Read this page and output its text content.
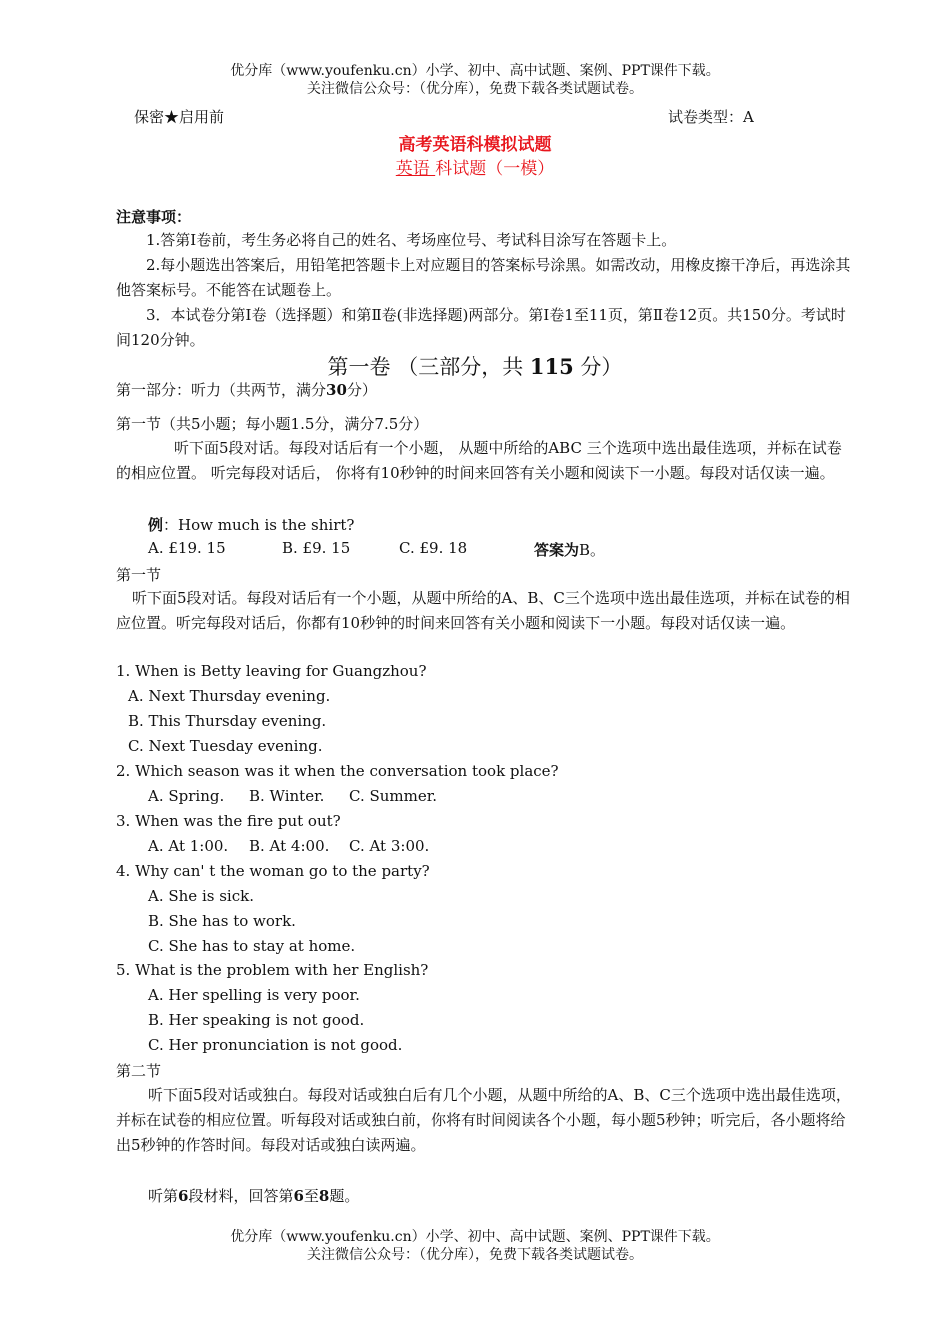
优分库（www.youfenku.cn）小学、初中、高中试题、案例、PPT课件下载。
关注微信公众号：（优分库），免费下载各类试题试卷。
保密★启用前	试卷类型：A
高考英语科模拟试题
英语 科试题（一模）
注意事项：
1.答第Ⅰ卷前，考生务必将自己的姓名、考场座位号、考试科目涂写在答题卡上。
2.每小题选出答案后，用铅笔把答题卡上对应题目的答案标号涂黑。如需改动，用橡皮擦干净后，再选涂其他答案标号。不能答在试题卷上。
3．本试卷分第Ⅰ卷（选择题）和第Ⅱ卷(非选择题)两部分。第Ⅰ卷1至11页，第Ⅱ卷12页。共150分。考试时间120分钟。
第一卷 （三部分，共 115 分）
第一部分：听力（共两节，满分30分）
第一节（共5小题；每小题1.5分，满分7.5分）
听下面5段对话。每段对话后有一个小题， 从题中所给的ABC 三个选项中选出最佳选项，并标在试卷的相应位置。 听完每段对话后， 你将有10秒钟的时间来回答有关小题和阅读下一小题。每段对话仅读一遍。
例：How much is the shirt?
A. £19. 15	B. £9. 15	C. £9. 18	答案为B。
第一节
听下面5段对话。每段对话后有一个小题，从题中所给的A、B、C三个选项中选出最佳选项，并标在试卷的相应位置。听完每段对话后，你都有10秒钟的时间来回答有关小题和阅读下一小题。每段对话仅读一遍。
1. When is Betty leaving for Guangzhou?
A. Next Thursday evening.
B. This Thursday evening.
C. Next Tuesday evening.
2. Which season was it when the conversation took place?
A. Spring. B. Winter. C. Summer.
3. When was the fire put out?
A. At 1:00. B. At 4:00. C. At 3:00.
4. Why can' t the woman go to the party?
A. She is sick.
B. She has to work.
C. She has to stay at home.
5. What is the problem with her English?
A. Her spelling is very poor.
B. Her speaking is not good.
C. Her pronunciation is not good.
第二节
听下面5段对话或独白。每段对话或独白后有几个小题，从题中所给的A、B、C三个选项中选出最佳选项，并标在试卷的相应位置。听每段对话或独白前，你将有时间阅读各个小题，每小题5秒钟；听完后，各小题将给出5秒钟的作答时间。每段对话或独白读两遍。
听第6段材料，回答第6至8题。
优分库（www.youfenku.cn）小学、初中、高中试题、案例、PPT课件下载。
关注微信公众号：（优分库），免费下载各类试题试卷。
